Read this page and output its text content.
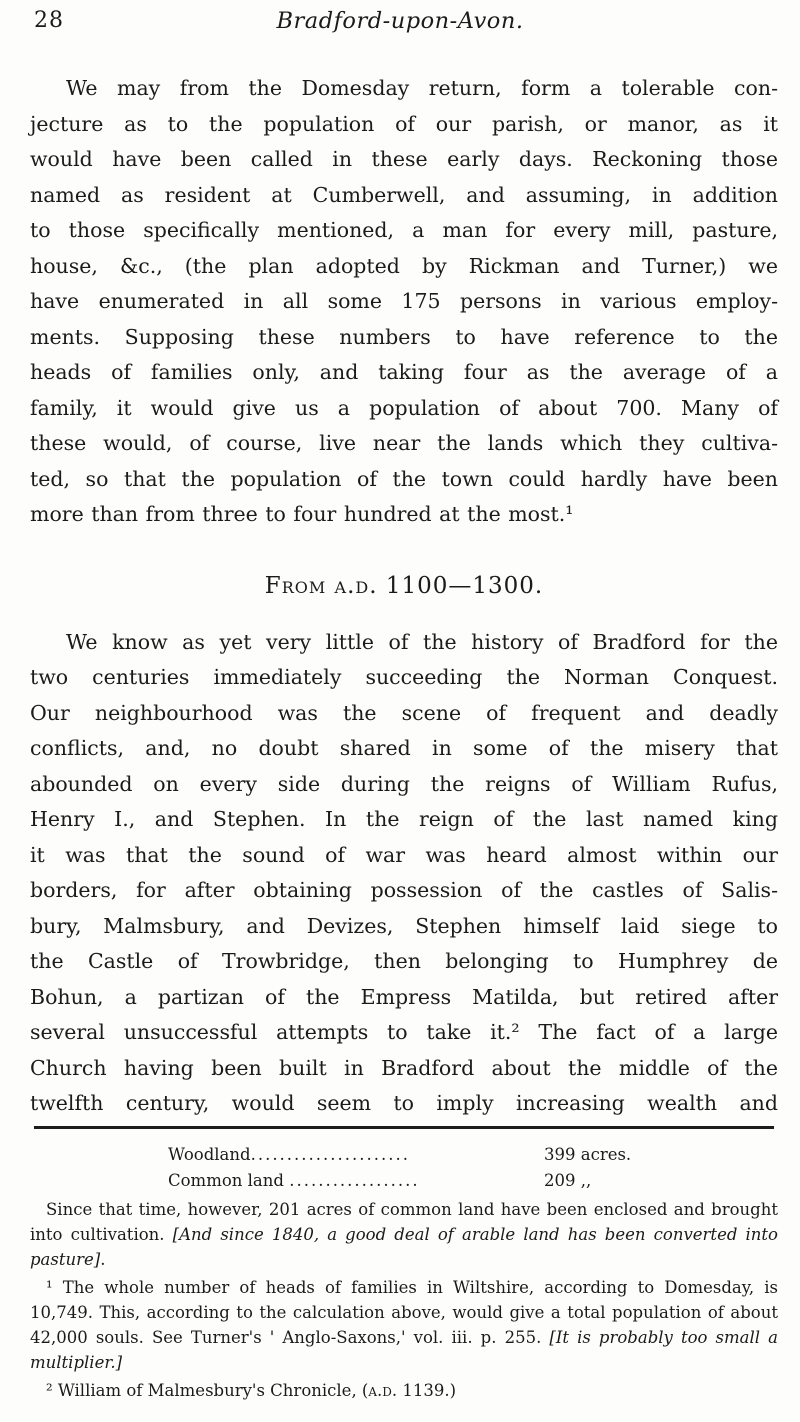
28	Bradford-upon-Avon.
We may from the Domesday return, form a tolerable con-
jecture as to the population of our parish, or manor, as it
would have been called in these early days. Reckoning those
named as resident at Cumberwell, and assuming, in addition
to those specifically mentioned, a man for every mill, pasture,
house, &c., (the plan adopted by Rickman and Turner,) we
have enumerated in all some 175 persons in various employ-
ments. Supposing these numbers to have reference to the
heads of families only, and taking four as the average of a
family, it would give us a population of about 700. Many of
these would, of course, live near the lands which they cultiva-
ted, so that the population of the town could hardly have been
more than from three to four hundred at the most.¹
From a.d. 1100—1300.
We know as yet very little of the history of Bradford for the
two centuries immediately succeeding the Norman Conquest.
Our neighbourhood was the scene of frequent and deadly
conflicts, and, no doubt shared in some of the misery that
abounded on every side during the reigns of William Rufus,
Henry I., and Stephen. In the reign of the last named king
it was that the sound of war was heard almost within our
borders, for after obtaining possession of the castles of Salis-
bury, Malmsbury, and Devizes, Stephen himself laid siege to
the Castle of Trowbridge, then belonging to Humphrey de
Bohun, a partizan of the Empress Matilda, but retired after
several unsuccessful attempts to take it.² The fact of a large
Church having been built in Bradford about the middle of the
twelfth century, would seem to imply increasing wealth and
Woodland......................	399 acres.
Common land ..................	209 ,,

Since that time, however, 201 acres of common land have been enclosed and brought into cultivation. [And since 1840, a good deal of arable land has been converted into pasture].

¹ The whole number of heads of families in Wiltshire, according to Domesday, is 10,749. This, according to the calculation above, would give a total population of about 42,000 souls. See Turner's ' Anglo-Saxons,' vol. iii. p. 255. [It is probably too small a multiplier.]

² William of Malmesbury's Chronicle, (a.d. 1139.)
